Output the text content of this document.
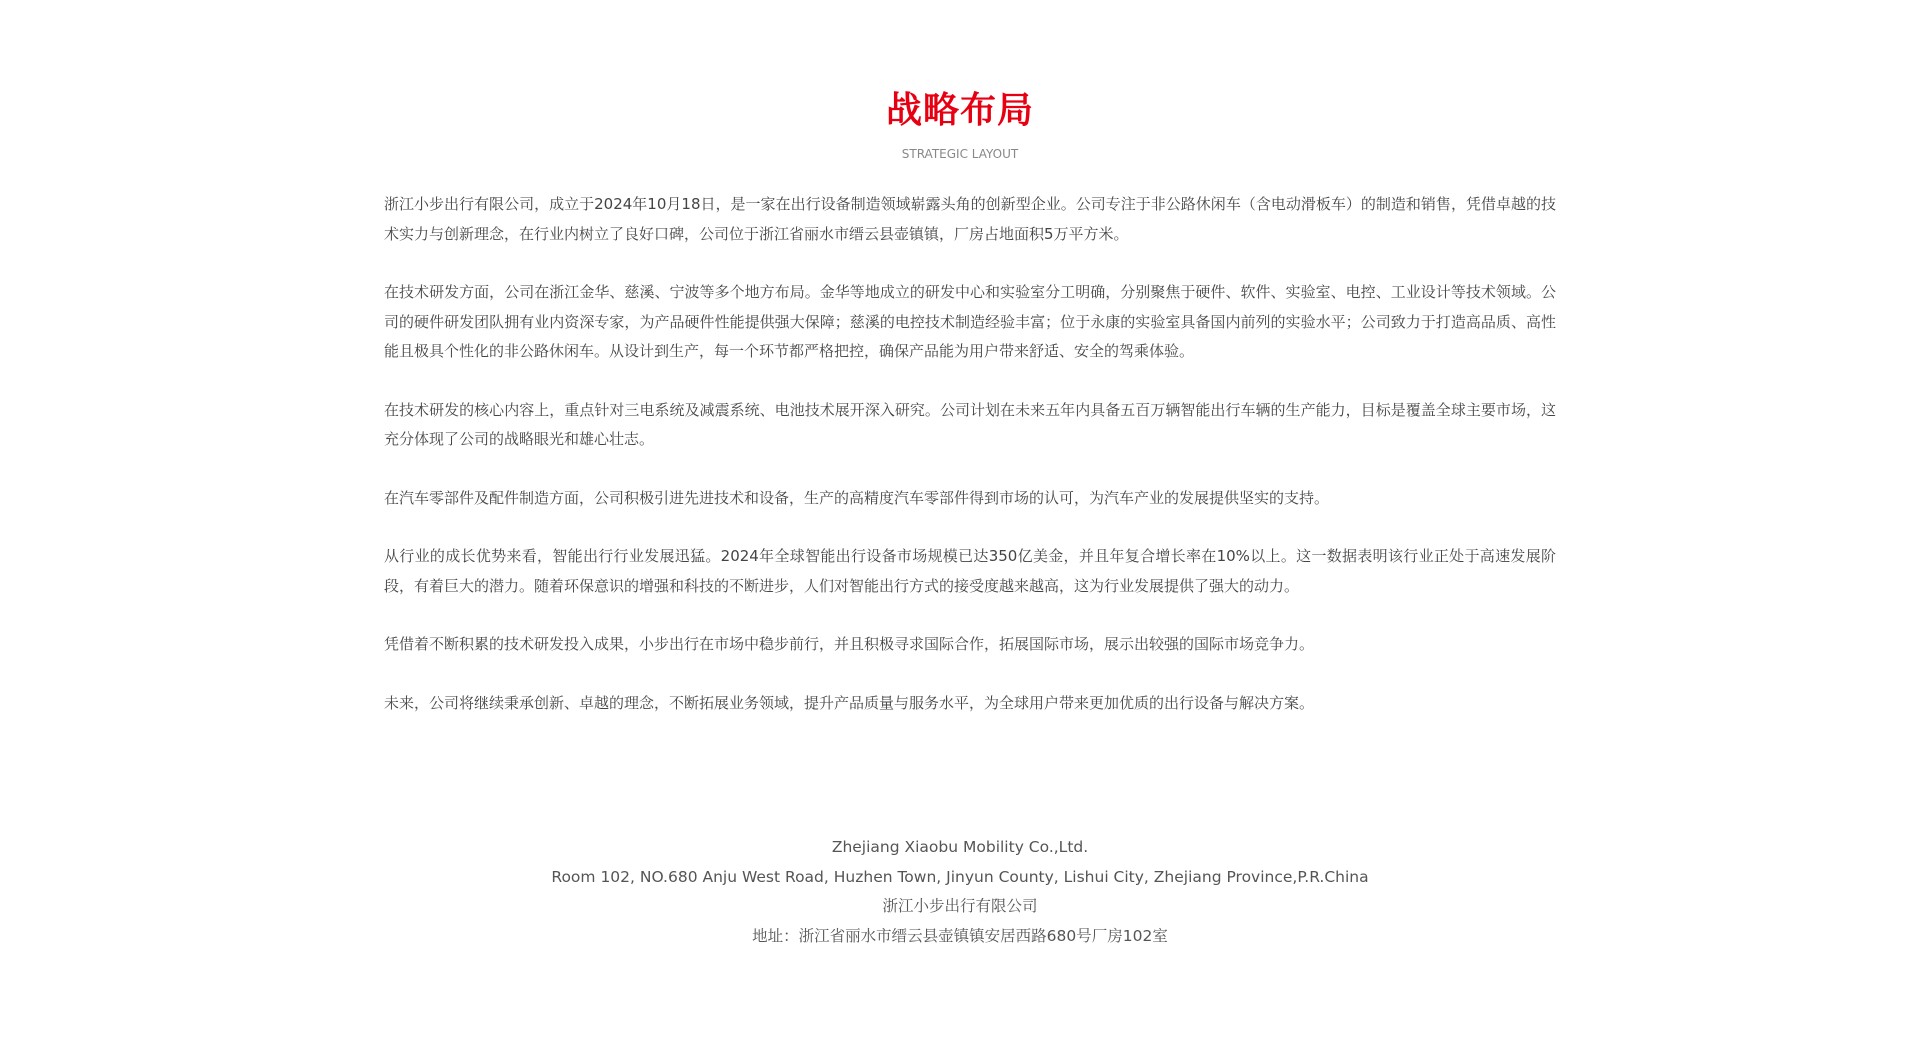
战略布局
STRATEGIC LAYOUT

浙江小步出行有限公司，成立于2024年10月18日，是一家在出行设备制造领域崭露头角的创新型企业。公司专注于非公路休闲车（含电动滑板车）的制造和销售，凭借卓越的技术实力与创新理念，在行业内树立了良好口碑，公司位于浙江省丽水市缙云县壶镇镇，厂房占地面积5万平方米。

在技术研发方面，公司在浙江金华、慈溪、宁波等多个地方布局。金华等地成立的研发中心和实验室分工明确，分别聚焦于硬件、软件、实验室、电控、工业设计等技术领域。公司的硬件研发团队拥有业内资深专家，为产品硬件性能提供强大保障；慈溪的电控技术制造经验丰富；位于永康的实验室具备国内前列的实验水平；公司致力于打造高品质、高性能且极具个性化的非公路休闲车。从设计到生产，每一个环节都严格把控，确保产品能为用户带来舒适、安全的驾乘体验。

在技术研发的核心内容上，重点针对三电系统及减震系统、电池技术展开深入研究。公司计划在未来五年内具备五百万辆智能出行车辆的生产能力，目标是覆盖全球主要市场，这充分体现了公司的战略眼光和雄心壮志。

在汽车零部件及配件制造方面，公司积极引进先进技术和设备，生产的高精度汽车零部件得到市场的认可，为汽车产业的发展提供坚实的支持。

从行业的成长优势来看，智能出行行业发展迅猛。2024年全球智能出行设备市场规模已达350亿美金，并且年复合增长率在10%以上。这一数据表明该行业正处于高速发展阶段，有着巨大的潜力。随着环保意识的增强和科技的不断进步，人们对智能出行方式的接受度越来越高，这为行业发展提供了强大的动力。

凭借着不断积累的技术研发投入成果，小步出行在市场中稳步前行，并且积极寻求国际合作，拓展国际市场，展示出较强的国际市场竞争力。

未来，公司将继续秉承创新、卓越的理念，不断拓展业务领域，提升产品质量与服务水平，为全球用户带来更加优质的出行设备与解决方案。

Zhejiang Xiaobu Mobility Co.,Ltd.
Room 102, NO.680 Anju West Road, Huzhen Town, Jinyun County, Lishui City, Zhejiang Province,P.R.China
浙江小步出行有限公司
地址：浙江省丽水市缙云县壶镇镇安居西路680号厂房102室
